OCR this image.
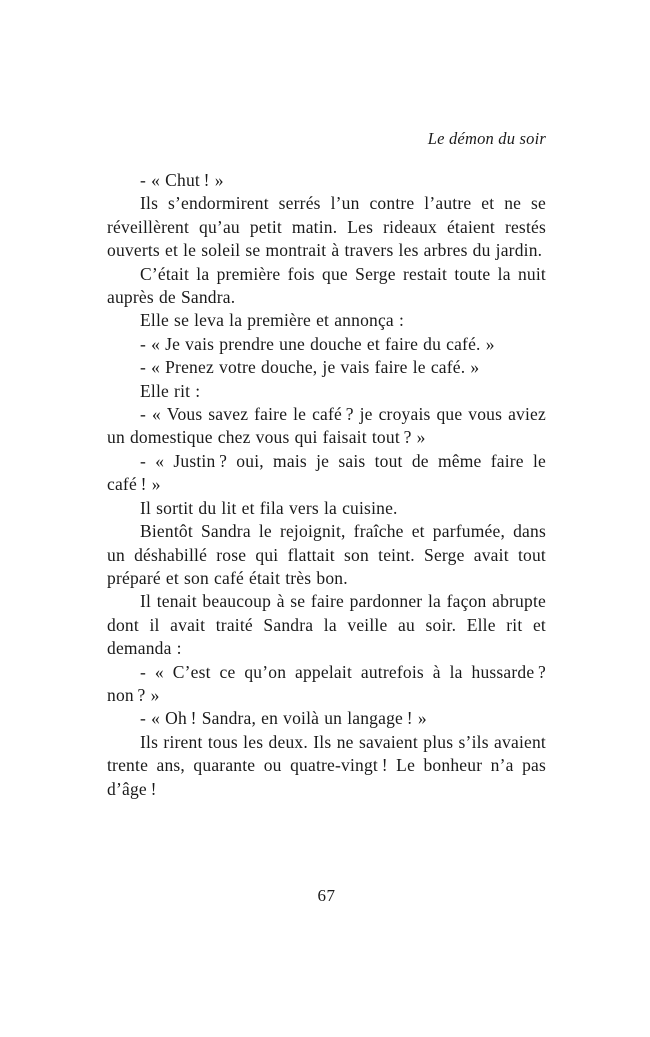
Le démon du soir

- « Chut ! »

Ils s’endormirent serrés l’un contre l’autre et ne se réveillèrent qu’au petit matin. Les rideaux étaient restés ouverts et le soleil se montrait à travers les arbres du jardin.

C’était la première fois que Serge restait toute la nuit auprès de Sandra.

Elle se leva la première et annonça :

- « Je vais prendre une douche et faire du café. »

- « Prenez votre douche, je vais faire le café. »

Elle rit :

- « Vous savez faire le café ? je croyais que vous aviez un domestique chez vous qui faisait tout ? »

- « Justin ? oui, mais je sais tout de même faire le café ! »

Il sortit du lit et fila vers la cuisine.

Bientôt Sandra le rejoignit, fraîche et parfumée, dans un déshabillé rose qui flattait son teint. Serge avait tout préparé et son café était très bon.

Il tenait beaucoup à se faire pardonner la façon abrupte dont il avait traité Sandra la veille au soir. Elle rit et demanda :

- « C’est ce qu’on appelait autrefois à la hussarde ? non ? »

- « Oh ! Sandra, en voilà un langage ! »

Ils rirent tous les deux. Ils ne savaient plus s’ils avaient trente ans, quarante ou quatre-vingt ! Le bonheur n’a pas d’âge !

67
